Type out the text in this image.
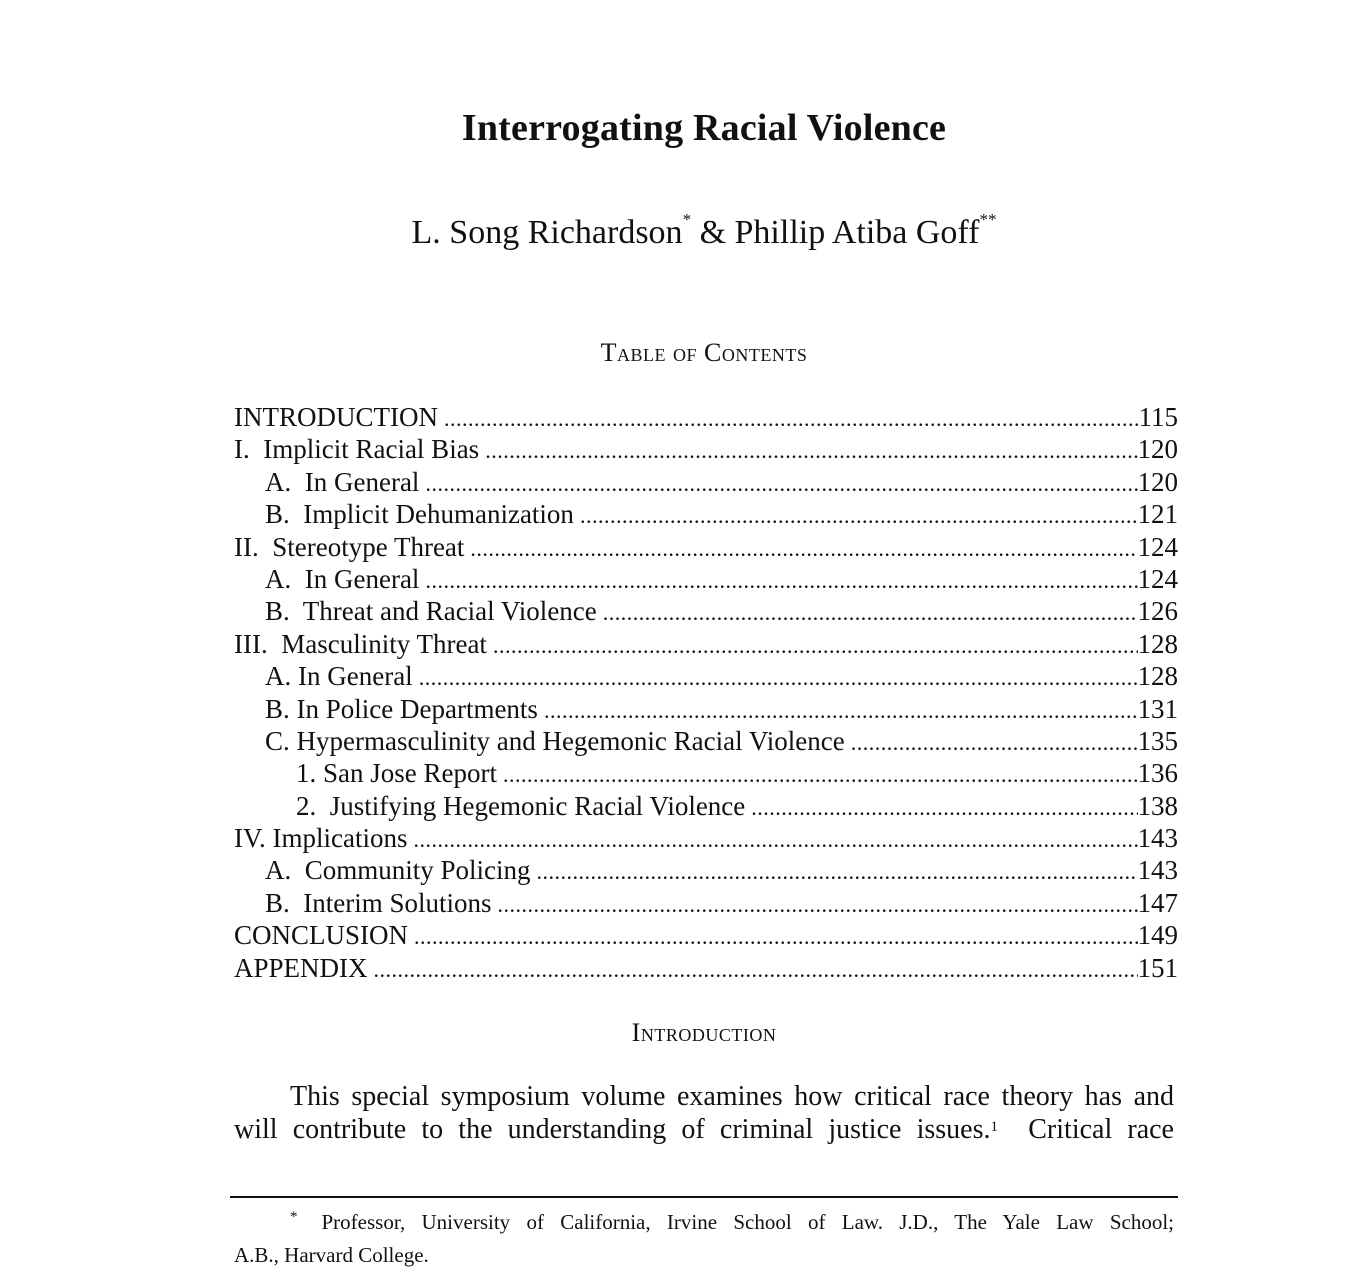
Interrogating Racial Violence
L. Song Richardson* & Phillip Atiba Goff**
Table of Contents
INTRODUCTION .....	115
I.  Implicit Racial Bias .....	120
A.  In General .....	120
B.  Implicit Dehumanization .....	121
II.  Stereotype Threat .....	124
A.  In General .....	124
B.  Threat and Racial Violence .....	126
III.  Masculinity Threat .....	128
A. In General .....	128
B. In Police Departments .....	131
C. Hypermasculinity and Hegemonic Racial Violence .....	135
1. San Jose Report .....	136
2.  Justifying Hegemonic Racial Violence .....	138
IV. Implications .....	143
A.  Community Policing .....	143
B.  Interim Solutions .....	147
CONCLUSION .....	149
APPENDIX .....	151
Introduction
This special symposium volume examines how critical race theory has and will contribute to the understanding of criminal justice issues.$^1$  Critical race
* Professor, University of California, Irvine School of Law. J.D., The Yale Law School;
A.B., Harvard College.
